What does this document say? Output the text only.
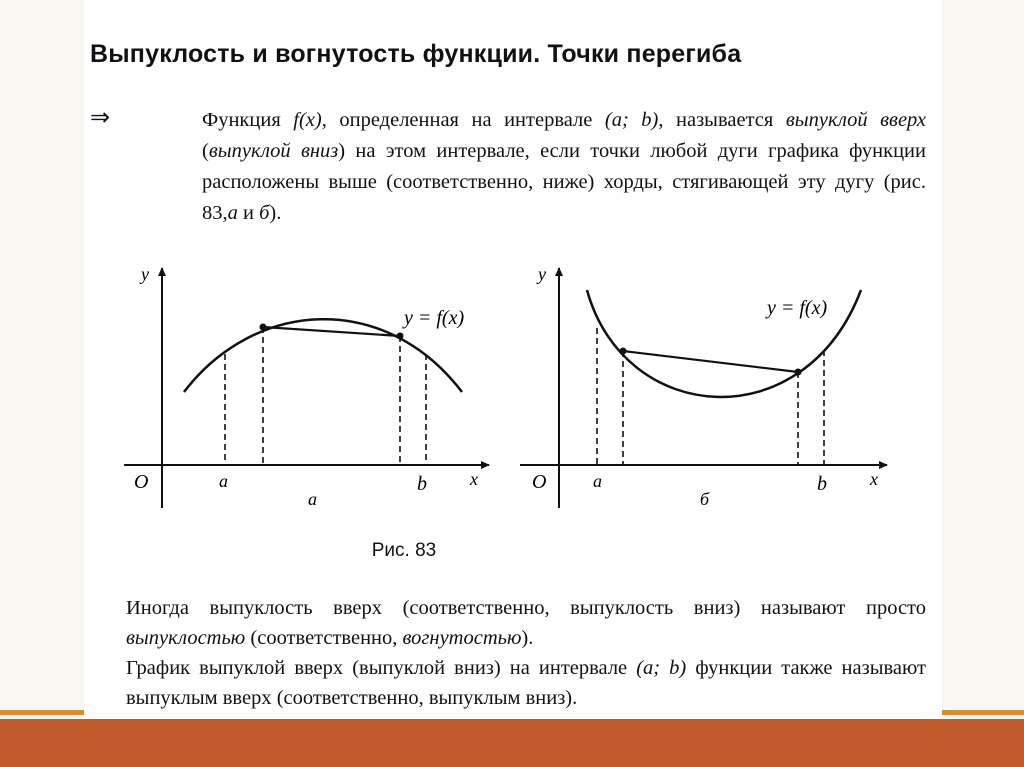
Выпуклость и вогнутость функции. Точки перегиба
⇒	Функция f(x), определенная на интервале (a; b), называется выпуклой вверх (выпуклой вниз) на этом интервале, если точки любой дуги графика функции расположены выше (соответственно, ниже) хорды, стягивающей эту дугу (рис. 83,а и б).
y
x
O	a	b
y = f(x)
а
y
x
O	a	b
y = f(x)
б
Рис. 83
Иногда выпуклость вверх (соответственно, выпуклость вниз) называют просто выпуклостью (соответственно, вогнутостью).
График выпуклой вверх (выпуклой вниз) на интервале (a; b) функции также называют выпуклым вверх (соответственно, выпуклым вниз).
